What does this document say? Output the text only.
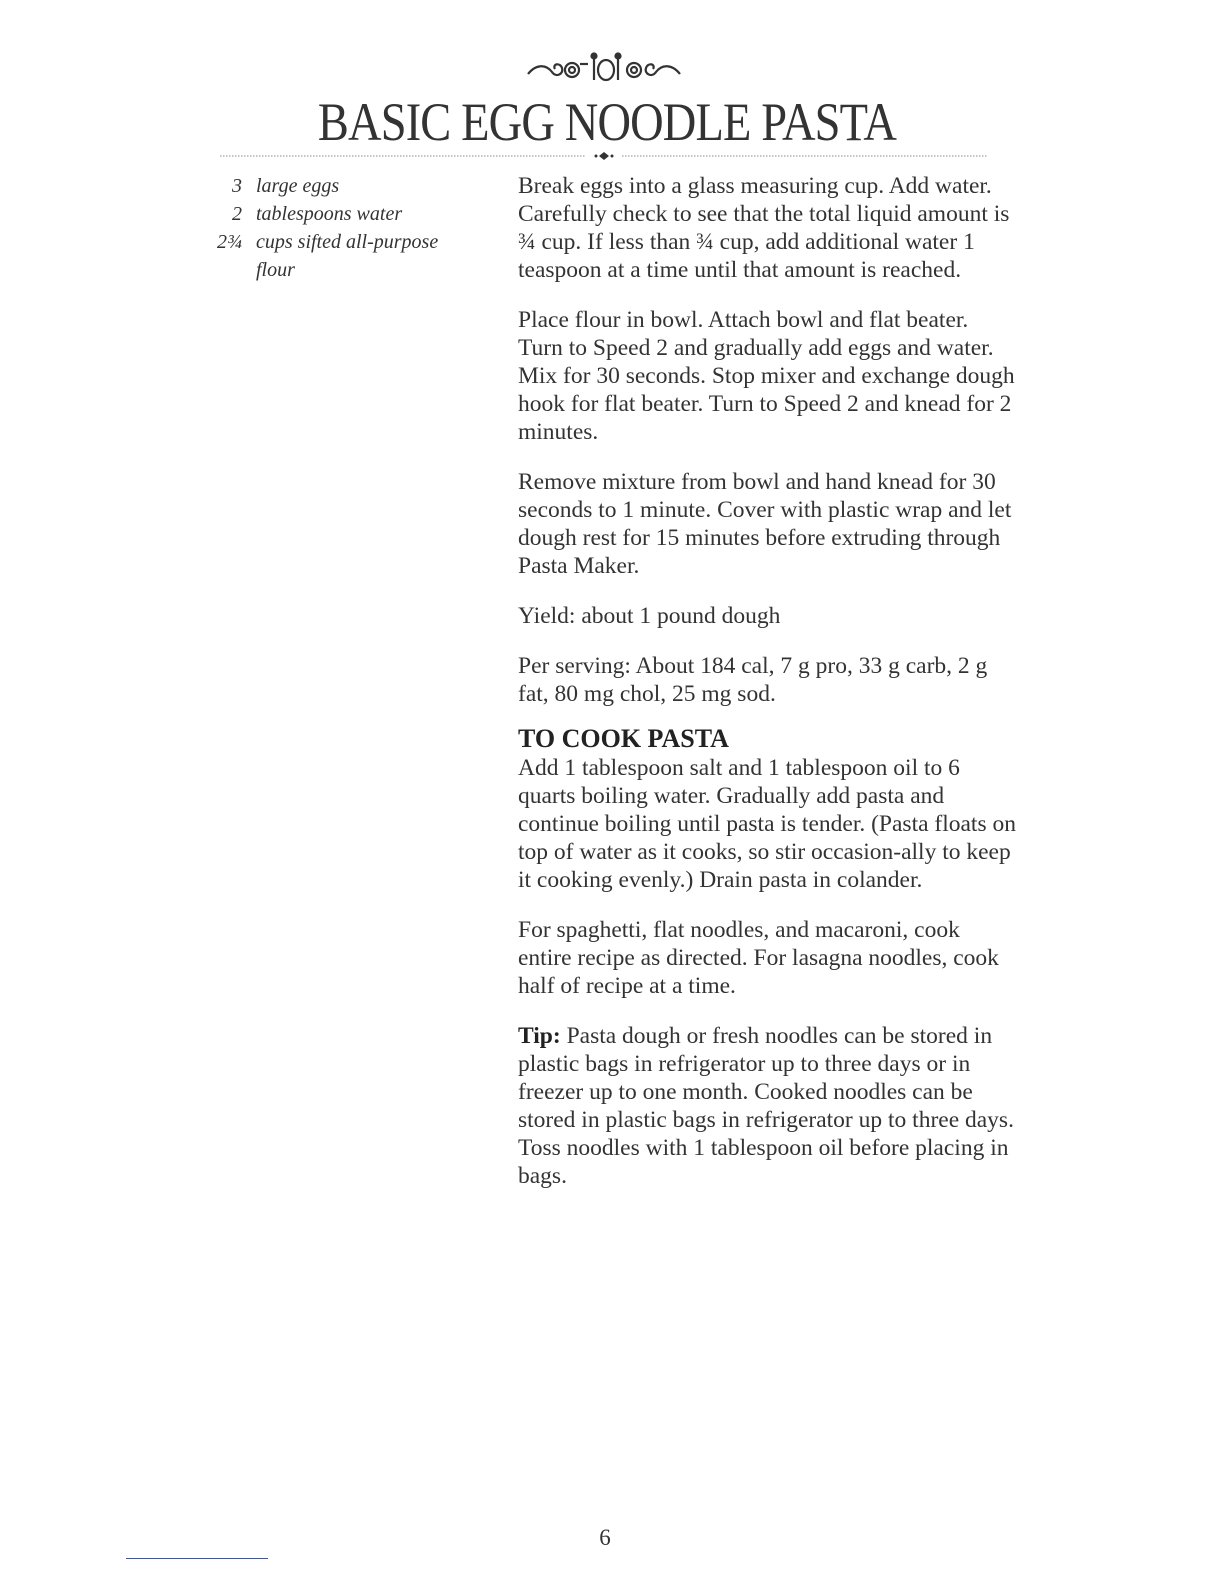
BASIC EGG NOODLE PASTA
3 large eggs
2 tablespoons water
2¾ cups sifted all-purpose flour

Break eggs into a glass measuring cup. Add water. Carefully check to see that the total liquid amount is ¾ cup. If less than ¾ cup, add additional water 1 teaspoon at a time until that amount is reached.

Place flour in bowl. Attach bowl and flat beater. Turn to Speed 2 and gradually add eggs and water. Mix for 30 seconds. Stop mixer and exchange dough hook for flat beater. Turn to Speed 2 and knead for 2 minutes.

Remove mixture from bowl and hand knead for 30 seconds to 1 minute. Cover with plastic wrap and let dough rest for 15 minutes before extruding through Pasta Maker.

Yield: about 1 pound dough

Per serving: About 184 cal, 7 g pro, 33 g carb, 2 g fat, 80 mg chol, 25 mg sod.

TO COOK PASTA

Add 1 tablespoon salt and 1 tablespoon oil to 6 quarts boiling water. Gradually add pasta and continue boiling until pasta is tender. (Pasta floats on top of water as it cooks, so stir occasion-ally to keep it cooking evenly.) Drain pasta in colander.

For spaghetti, flat noodles, and macaroni, cook entire recipe as directed. For lasagna noodles, cook half of recipe at a time.

Tip: Pasta dough or fresh noodles can be stored in plastic bags in refrigerator up to three days or in freezer up to one month. Cooked noodles can be stored in plastic bags in refrigerator up to three days. Toss noodles with 1 tablespoon oil before placing in bags.

6
